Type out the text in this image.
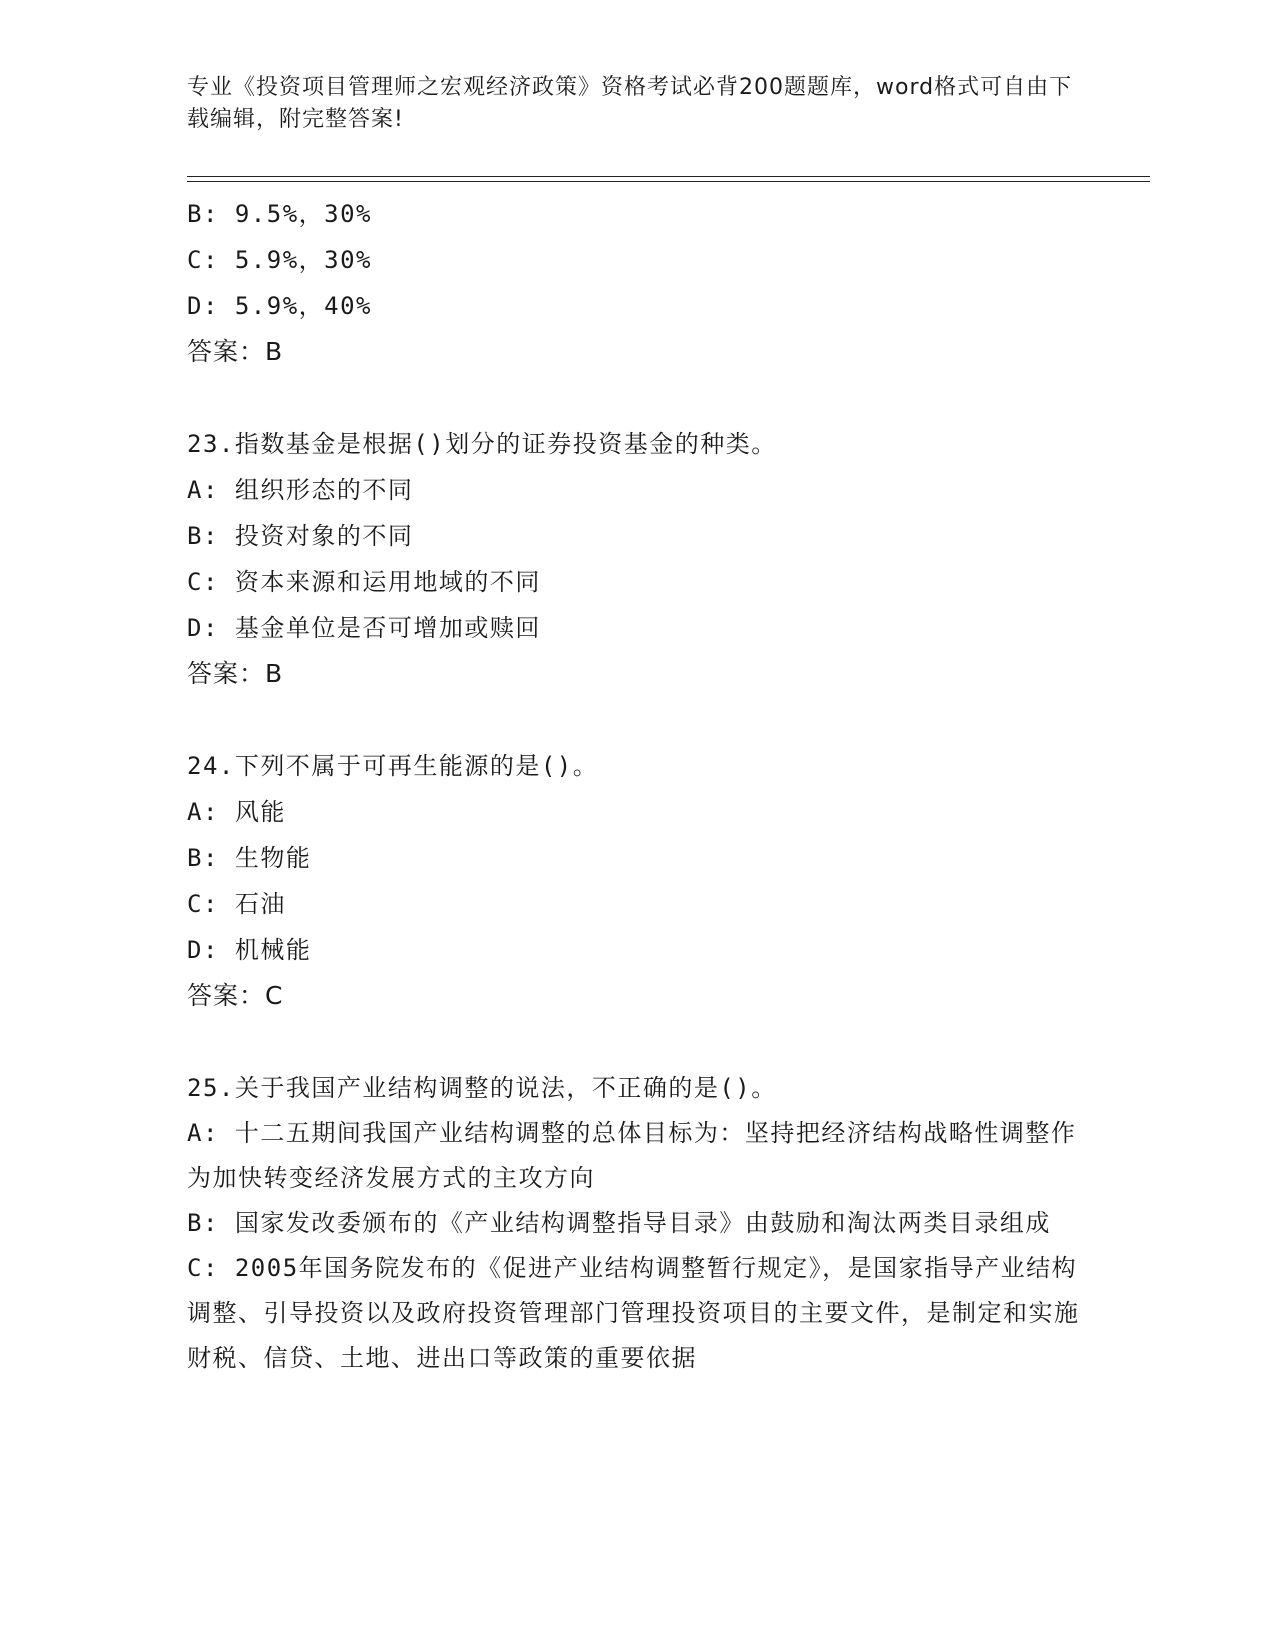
专业《投资项目管理师之宏观经济政策》资格考试必背200题题库，word格式可自由下载编辑，附完整答案!
B: 9.5%，30%
C: 5.9%，30%
D: 5.9%，40%
答案：B
23.指数基金是根据()划分的证券投资基金的种类。
A: 组织形态的不同
B: 投资对象的不同
C: 资本来源和运用地域的不同
D: 基金单位是否可增加或赎回
答案：B
24.下列不属于可再生能源的是()。
A: 风能
B: 生物能
C: 石油
D: 机械能
答案：C
25.关于我国产业结构调整的说法，不正确的是()。
A: 十二五期间我国产业结构调整的总体目标为：坚持把经济结构战略性调整作为加快转变经济发展方式的主攻方向
B: 国家发改委颁布的《产业结构调整指导目录》由鼓励和淘汰两类目录组成
C: 2005年国务院发布的《促进产业结构调整暂行规定》，是国家指导产业结构调整、引导投资以及政府投资管理部门管理投资项目的主要文件，是制定和实施财税、信贷、土地、进出口等政策的重要依据
